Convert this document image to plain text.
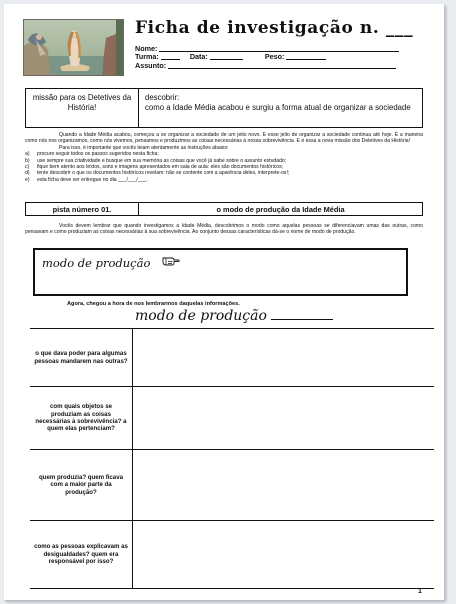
Ficha de investigação n. ___
Nome:
Turma:	Data:	Peso:
Assunto:
missão para os Detetives da História!
descobrir:
como a Idade Média acabou e surgiu a forma atual de organizar a sociedade

Quando a Idade Média acabou, começou a se organizar a sociedade de um jeito novo. E esse jeito de organizar a sociedade continua até hoje. É a maneira como nós nos organizamos, como nós vivemos, pensamos e produzimos as coisas necessárias à nossa sobrevivência. E é essa a nova missão dos Detetives da História!

Para isso, é importante que vocês leiam atentamente as instruções abaixo:

a)	procure seguir todos os passos sugeridos nesta ficha;
b)	use sempre sua criatividade e busque em sua memória as coisas que você já sabe sobre o assunto estudado;
c)	fique bem atento aos textos, sons e imagens apresentados em sala de aula: eles são documentos históricos;
d)	tente descobrir o que os documentos históricos revelam: não se contente com a aparência deles, interprete-os!;
e)	esta ficha deve ser entregue no dia ___/___/___.
pista número 01.	o modo de produção da Idade Média

Vocês devem lembrar que quando investigamos a Idade Média, descobrimos o modo como aquelas pessoas se diferenciavam umas das outras, como pensavam e como produziam as coisas necessárias à sua sobrevivência. Ao conjunto dessas características dá-se o nome de modo de produção.

modo de produção
Agora, chegou a hora de nos lembrarmos daquelas informações.
modo de produção
o que dava poder para algumas pessoas mandarem nas outras?
com quais objetos se produziam as coisas necessárias à sobrevivência? a quem elas pertenciam?
quem produzia? quem ficava com a maior parte da produção?
como as pessoas explicavam as desigualdades? quem era responsável por isso?
1
